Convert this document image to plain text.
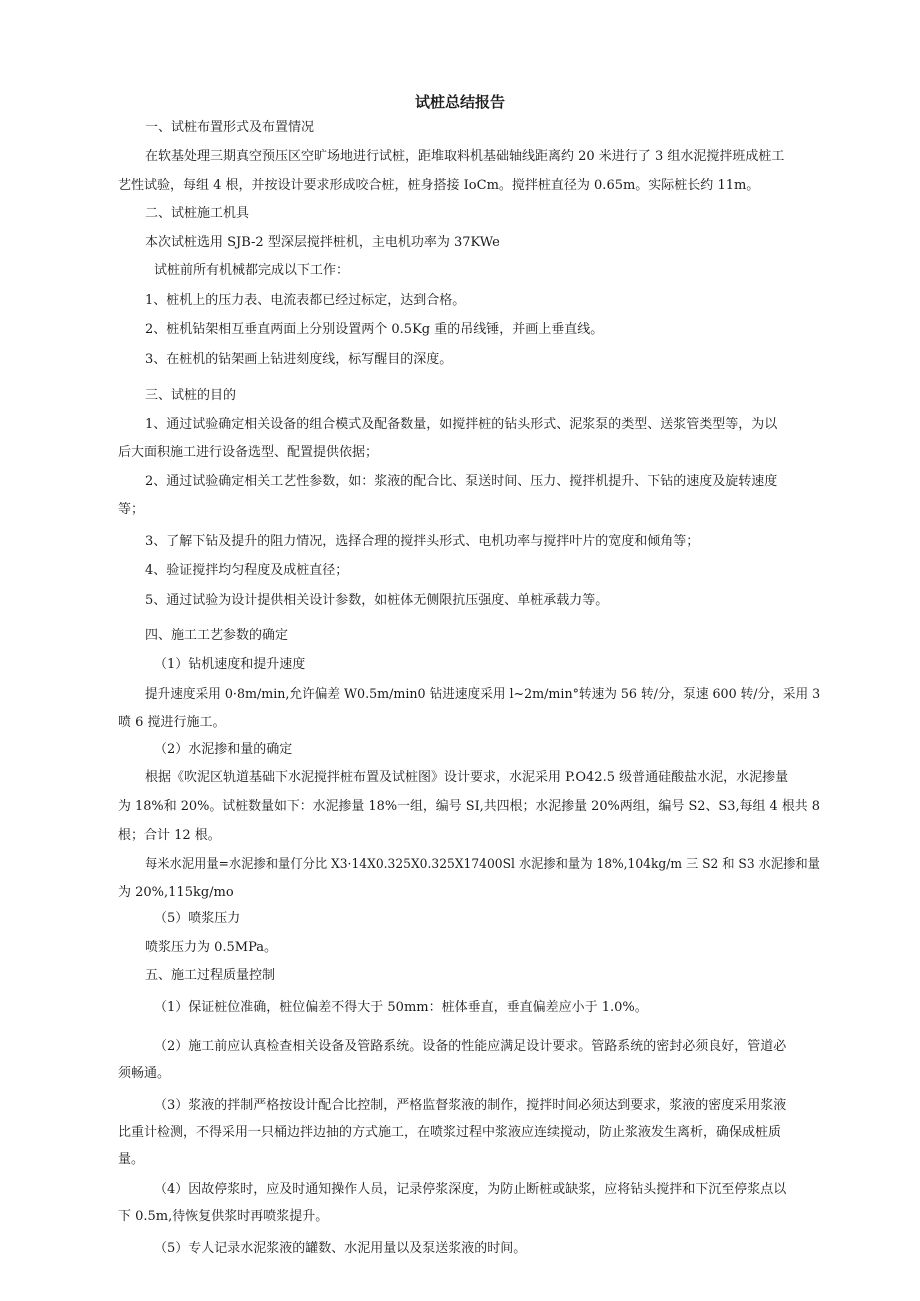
试桩总结报告

一、试桩布置形式及布置情况

在软基处理三期真空预压区空旷场地进行试桩，距堆取料机基础轴线距离约 20 米进行了 3 组水泥搅拌班成桩工

艺性试验，每组 4 根，并按设计要求形成咬合桩，桩身搭接 IoCm。搅拌桩直径为 0.65m。实际桩长约 11m。

二、试桩施工机具

本次试桩选用 SJB-2 型深层搅拌桩机，主电机功率为 37KWe

试桩前所有机械都完成以下工作：

1、桩机上的压力表、电流表都已经过标定，达到合格。

2、桩机钻架相互垂直两面上分别设置两个 0.5Kg 重的吊线锤，并画上垂直线。

3、在桩机的钻架画上钻进刻度线，标写醒目的深度。

三、试桩的目的

1、通过试验确定相关设备的组合模式及配备数量，如搅拌桩的钻头形式、泥浆泵的类型、送浆管类型等，为以

后大面积施工进行设备选型、配置提供依据；

2、通过试验确定相关工艺性参数，如：浆液的配合比、泵送时间、压力、搅拌机提升、下钻的速度及旋转速度

等；

3、了解下钻及提升的阻力情况，选择合理的搅拌头形式、电机功率与搅拌叶片的宽度和倾角等；

4、验证搅拌均匀程度及成桩直径；

5、通过试验为设计提供相关设计参数，如桩体无侧限抗压强度、单桩承载力等。

四、施工工艺参数的确定

（1）钻机速度和提升速度

提升速度采用 0·8m∕min,允许偏差 W0.5m∕min0 钻进速度采用 l~2m∕min°转速为 56 转/分，泵速 600 转/分，采用 3

喷 6 搅进行施工。

（2）水泥掺和量的确定

根据《吹泥区轨道基础下水泥搅拌桩布置及试桩图》设计要求，水泥采用 P.O42.5 级普通硅酸盐水泥，水泥掺量

为 18%和 20%。试桩数量如下：水泥掺量 18%一组，编号 SI,共四根；水泥掺量 20%两组，编号 S2、S3,每组 4 根共 8

根；合计 12 根。

每米水泥用量=水泥掺和量仃分比 X3·14X0.325X0.325X17400Sl 水泥掺和量为 18%,104kg∕m 三 S2 和 S3 水泥掺和量

为 20%,115kg∕mo

（5）喷浆压力

喷浆压力为 0.5MPa。

五、施工过程质量控制

（1）保证桩位准确，桩位偏差不得大于 50mm：桩体垂直，垂直偏差应小于 1.0%。

（2）施工前应认真检查相关设备及管路系统。设备的性能应满足设计要求。管路系统的密封必须良好，管道必

须畅通。

（3）浆液的拌制严格按设计配合比控制，严格监督浆液的制作，搅拌时间必须达到要求，浆液的密度采用浆液

比重计检测，不得采用一只桶边拌边抽的方式施工，在喷浆过程中浆液应连续搅动，防止浆液发生离析，确保成桩质

量。

（4）因故停浆时，应及时通知操作人员，记录停浆深度，为防止断桩或缺浆，应将钻头搅拌和下沉至停浆点以

下 0.5m,待恢复供浆时再喷浆提升。

（5）专人记录水泥浆液的罐数、水泥用量以及泵送浆液的时间。
